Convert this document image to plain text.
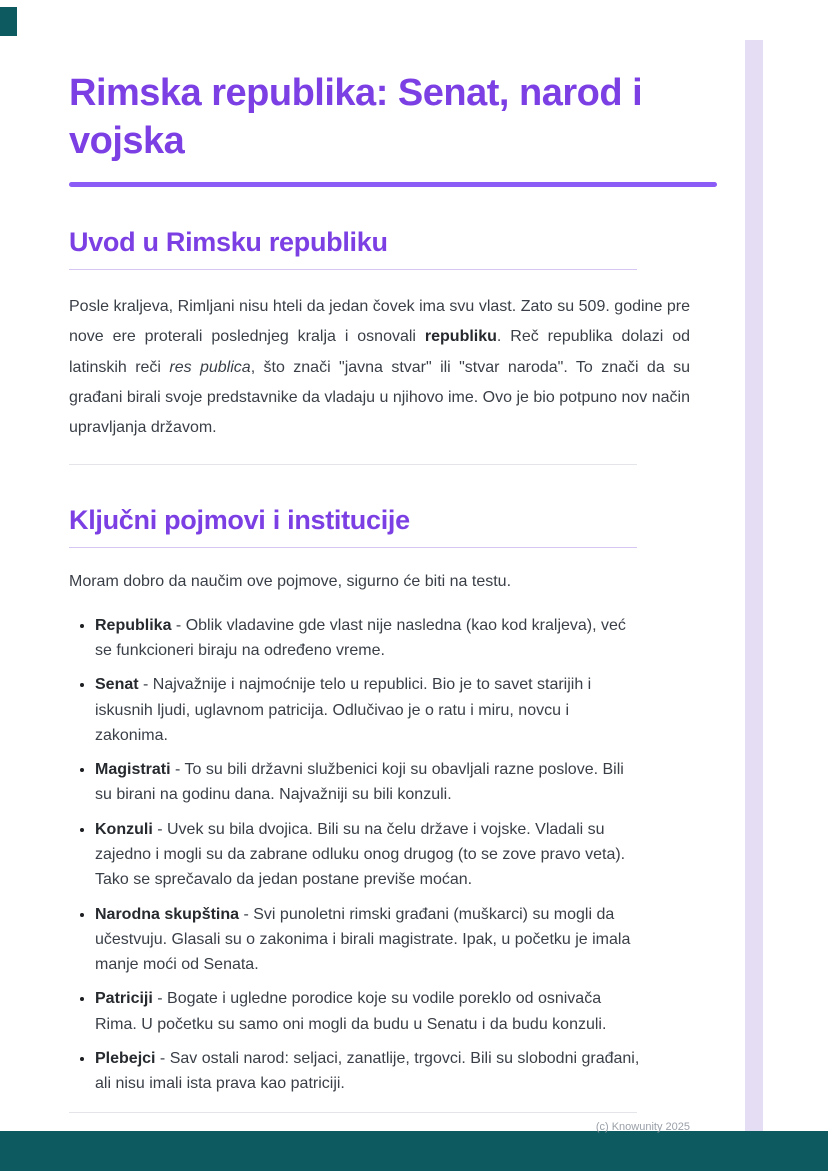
Rimska republika: Senat, narod i vojska
Uvod u Rimsku republiku

Posle kraljeva, Rimljani nisu hteli da jedan čovek ima svu vlast. Zato su 509. godine pre nove ere proterali poslednjeg kralja i osnovali republiku. Reč republika dolazi od latinskih reči res publica, što znači "javna stvar" ili "stvar naroda". To znači da su građani birali svoje predstavnike da vladaju u njihovo ime. Ovo je bio potpuno nov način upravljanja državom.

Ključni pojmovi i institucije

Moram dobro da naučim ove pojmove, sigurno će biti na testu.

• Republika - Oblik vladavine gde vlast nije nasledna (kao kod kraljeva), već se funkcioneri biraju na određeno vreme.
• Senat - Najvažnije i najmoćnije telo u republici. Bio je to savet starijih i iskusnih ljudi, uglavnom patricija. Odlučivao je o ratu i miru, novcu i zakonima.
• Magistrati - To su bili državni službenici koji su obavljali razne poslove. Bili su birani na godinu dana. Najvažniji su bili konzuli.
• Konzuli - Uvek su bila dvojica. Bili su na čelu države i vojske. Vladali su zajedno i mogli su da zabrane odluku onog drugog (to se zove pravo veta). Tako se sprečavalo da jedan postane previše moćan.
• Narodna skupština - Svi punoletni rimski građani (muškarci) su mogli da učestvuju. Glasali su o zakonima i birali magistrate. Ipak, u početku je imala manje moći od Senata.
• Patriciji - Bogate i ugledne porodice koje su vodile poreklo od osnivača Rima. U početku su samo oni mogli da budu u Senatu i da budu konzuli.
• Plebejci - Sav ostali narod: seljaci, zanatlije, trgovci. Bili su slobodni građani, ali nisu imali ista prava kao patriciji.
(c) Knowunity 2025
